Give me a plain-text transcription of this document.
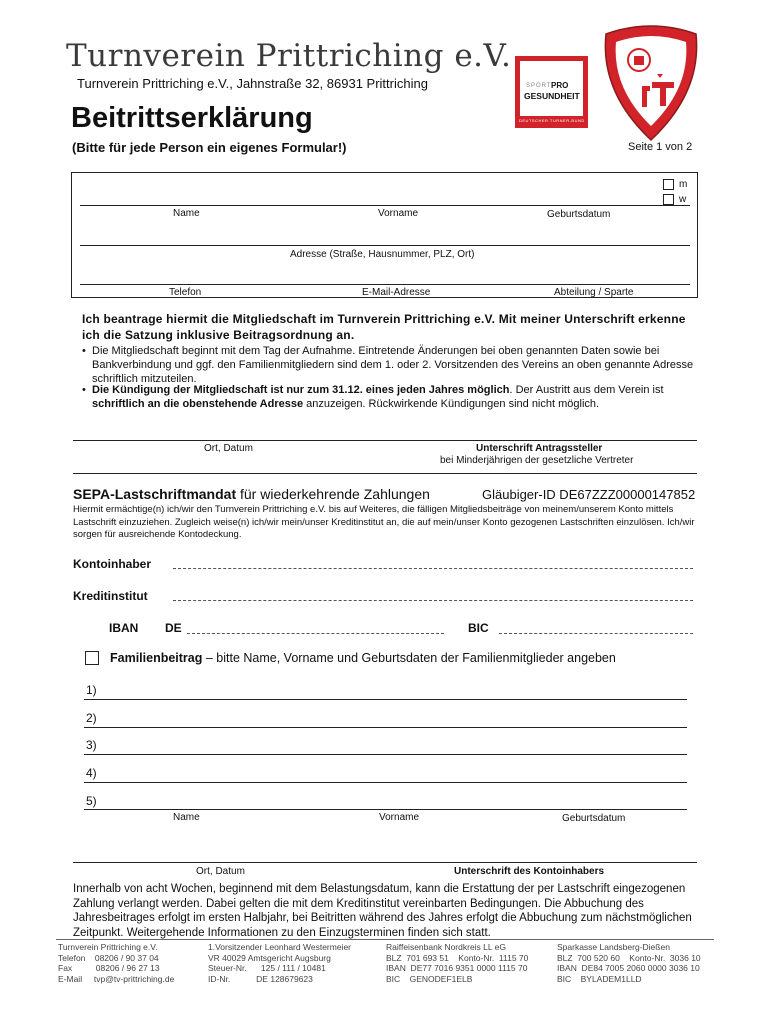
Turnverein Prittriching e.V.
Turnverein Prittriching e.V., Jahnstraße 32, 86931 Prittriching
Beitrittserklärung
(Bitte für jede Person ein eigenes Formular!)	Seite 1 von 2
SPORT PRO
GESUNDHEIT
DEUTSCHER TURNER-BUND
m
w
Name	Vorname	Geburtsdatum
Adresse (Straße, Hausnummer, PLZ, Ort)
Telefon	E-Mail-Adresse	Abteilung / Sparte
Ich beantrage hiermit die Mitgliedschaft im Turnverein Prittriching e.V. Mit meiner Unterschrift erkenne ich die Satzung inklusive Beitragsordnung an.
• Die Mitgliedschaft beginnt mit dem Tag der Aufnahme. Eintretende Änderungen bei oben genannten Daten sowie bei Bankverbindung und ggf. den Familienmitgliedern sind dem 1. oder 2. Vorsitzenden des Vereins an oben genannte Adresse schriftlich mitzuteilen.
• Die Kündigung der Mitgliedschaft ist nur zum 31.12. eines jeden Jahres möglich. Der Austritt aus dem Verein ist schriftlich an die obenstehende Adresse anzuzeigen. Rückwirkende Kündigungen sind nicht möglich.
Ort, Datum	Unterschrift Antragssteller
bei Minderjährigen der gesetzliche Vertreter
SEPA-Lastschriftmandat für wiederkehrende Zahlungen	Gläubiger-ID DE67ZZZ00000147852
Hiermit ermächtige(n) ich/wir den Turnverein Prittriching e.V. bis auf Weiteres, die fälligen Mitgliedsbeiträge von meinem/unserem Konto mittels Lastschrift einzuziehen. Zugleich weise(n) ich/wir mein/unser Kreditinstitut an, die auf mein/unser Konto gezogenen Lastschriften einzulösen. Ich/wir sorgen für ausreichende Kontodeckung.
Kontoinhaber
Kreditinstitut
IBAN DE	BIC
Familienbeitrag – bitte Name, Vorname und Geburtsdaten der Familienmitglieder angeben
1)
2)
3)
4)
5)
Name	Vorname	Geburtsdatum
Ort, Datum	Unterschrift des Kontoinhabers
Innerhalb von acht Wochen, beginnend mit dem Belastungsdatum, kann die Erstattung der per Lastschrift eingezogenen Zahlung verlangt werden. Dabei gelten die mit dem Kreditinstitut vereinbarten Bedingungen. Die Abbuchung des Jahresbeitrages erfolgt im ersten Halbjahr, bei Beitritten während des Jahres erfolgt die Abbuchung zum nächstmöglichen Zeitpunkt. Weitergehende Informationen zu den Einzugsterminen finden sich statt.
Turnverein Prittriching e.V.
Telefon    08206 / 90 37 04
Fax          08206 / 96 27 13
E-Mail     tvp@tv-prittriching.de
1.Vorsitzender Leonhard Westermeier
VR 40029 Amtsgericht Augsburg
Steuer-Nr.      125 / 111 / 10481
ID-Nr.           DE 128679623
Raiffeisenbank Nordkreis LL eG
BLZ  701 693 51    Konto-Nr.  1115 70
IBAN  DE77 7016 9351 0000 1115 70
BIC    GENODEF1ELB
Sparkasse Landsberg-Dießen
BLZ  700 520 60    Konto-Nr.  3036 10
IBAN  DE84 7005 2060 0000 3036 10
BIC    BYLADEM1LLD
